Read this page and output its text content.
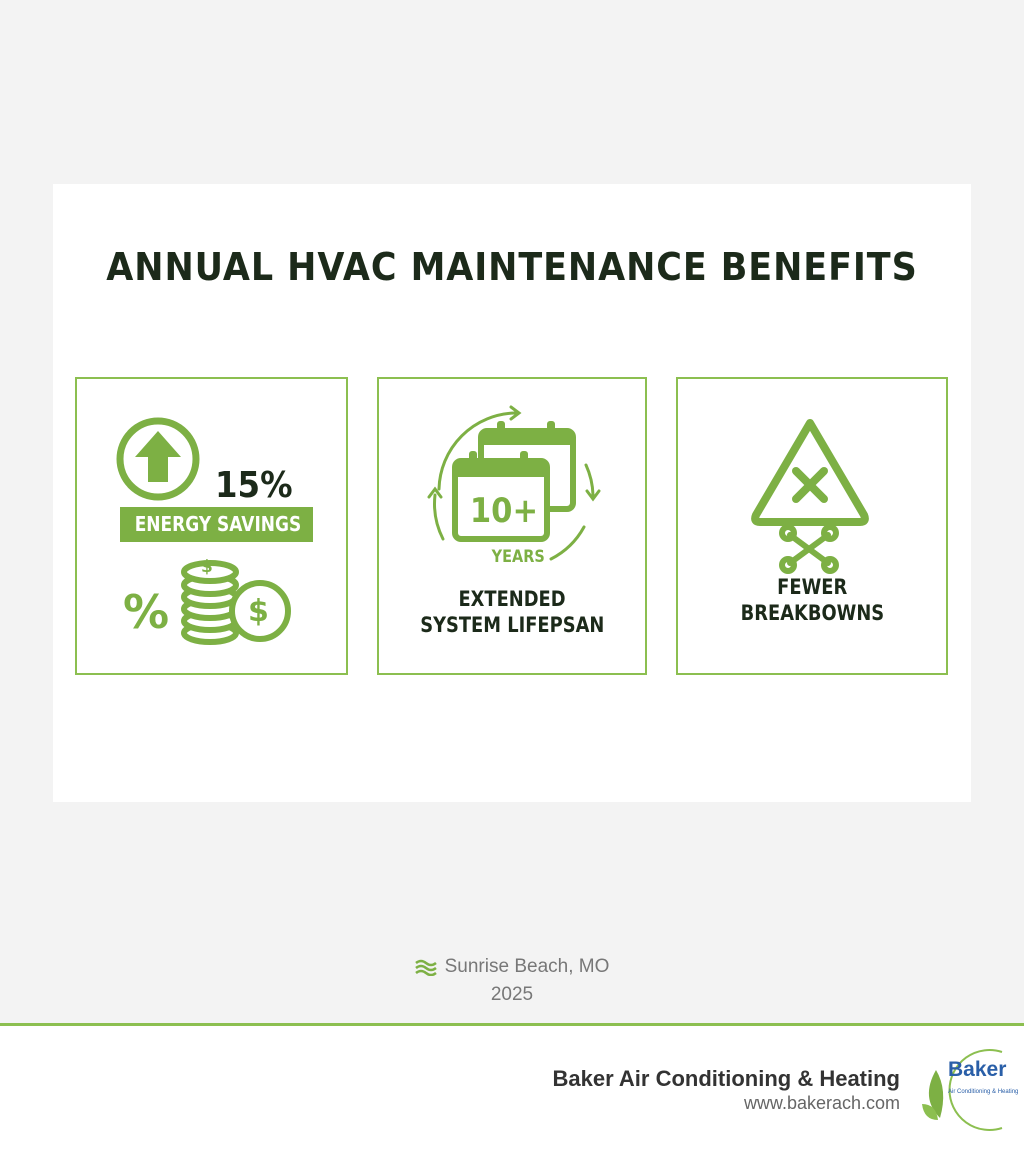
ANNUAL HVAC MAINTENANCE BENEFITS
15%
ENERGY SAVINGS
%
$
$
10+
YEARS
EXTENDED
SYSTEM LIFEPSAN
FEWER
BREAKBOWNS
Sunrise Beach, MO
2025
Baker Air Conditioning & Heating
www.bakerach.com
Baker
Air Conditioning & Heating
